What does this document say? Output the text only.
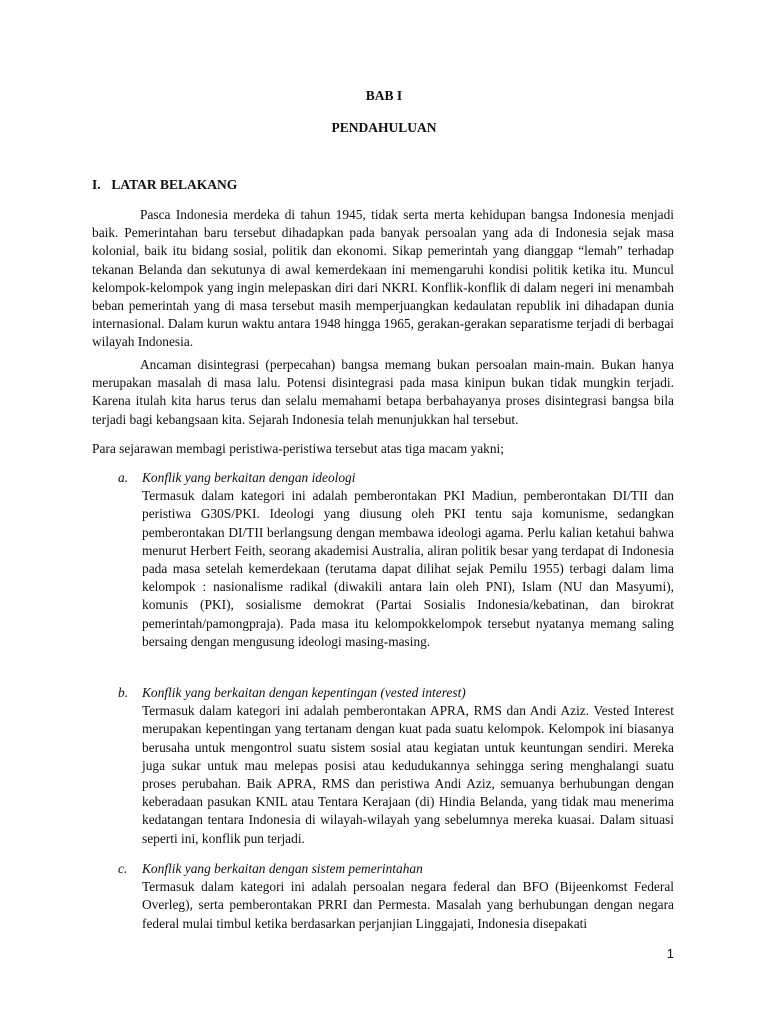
BAB I
PENDAHULUAN
I. LATAR BELAKANG

Pasca Indonesia merdeka di tahun 1945, tidak serta merta kehidupan bangsa Indonesia menjadi baik. Pemerintahan baru tersebut dihadapkan pada banyak persoalan yang ada di Indonesia sejak masa kolonial, baik itu bidang sosial, politik dan ekonomi. Sikap pemerintah yang dianggap “lemah” terhadap tekanan Belanda dan sekutunya di awal kemerdekaan ini memengaruhi kondisi politik ketika itu. Muncul kelompok-kelompok yang ingin melepaskan diri dari NKRI. Konflik-konflik di dalam negeri ini menambah beban pemerintah yang di masa tersebut masih memperjuangkan kedaulatan republik ini dihadapan dunia internasional. Dalam kurun waktu antara 1948 hingga 1965, gerakan-gerakan separatisme terjadi di berbagai wilayah Indonesia.

Ancaman disintegrasi (perpecahan) bangsa memang bukan persoalan main-main. Bukan hanya merupakan masalah di masa lalu. Potensi disintegrasi pada masa kinipun bukan tidak mungkin terjadi. Karena itulah kita harus terus dan selalu memahami betapa berbahayanya proses disintegrasi bangsa bila terjadi bagi kebangsaan kita. Sejarah Indonesia telah menunjukkan hal tersebut.

Para sejarawan membagi peristiwa-peristiwa tersebut atas tiga macam yakni;

a. Konflik yang berkaitan dengan ideologi
Termasuk dalam kategori ini adalah pemberontakan PKI Madiun, pemberontakan DI/TII dan peristiwa G30S/PKI. Ideologi yang diusung oleh PKI tentu saja komunisme, sedangkan pemberontakan DI/TII berlangsung dengan membawa ideologi agama. Perlu kalian ketahui bahwa menurut Herbert Feith, seorang akademisi Australia, aliran politik besar yang terdapat di Indonesia pada masa setelah kemerdekaan (terutama dapat dilihat sejak Pemilu 1955) terbagi dalam lima kelompok : nasionalisme radikal (diwakili antara lain oleh PNI), Islam (NU dan Masyumi), komunis (PKI), sosialisme demokrat (Partai Sosialis Indonesia/kebatinan, dan birokrat pemerintah/pamongpraja). Pada masa itu kelompokkelompok tersebut nyatanya memang saling bersaing dengan mengusung ideologi masing-masing.
b. Konflik yang berkaitan dengan kepentingan (vested interest)
Termasuk dalam kategori ini adalah pemberontakan APRA, RMS dan Andi Aziz. Vested Interest merupakan kepentingan yang tertanam dengan kuat pada suatu kelompok. Kelompok ini biasanya berusaha untuk mengontrol suatu sistem sosial atau kegiatan untuk keuntungan sendiri. Mereka juga sukar untuk mau melepas posisi atau kedudukannya sehingga sering menghalangi suatu proses perubahan. Baik APRA, RMS dan peristiwa Andi Aziz, semuanya berhubungan dengan keberadaan pasukan KNIL atau Tentara Kerajaan (di) Hindia Belanda, yang tidak mau menerima kedatangan tentara Indonesia di wilayah-wilayah yang sebelumnya mereka kuasai. Dalam situasi seperti ini, konflik pun terjadi.
c. Konflik yang berkaitan dengan sistem pemerintahan
Termasuk dalam kategori ini adalah persoalan negara federal dan BFO (Bijeenkomst Federal Overleg), serta pemberontakan PRRI dan Permesta. Masalah yang berhubungan dengan negara federal mulai timbul ketika berdasarkan perjanjian Linggajati, Indonesia disepakati
1
